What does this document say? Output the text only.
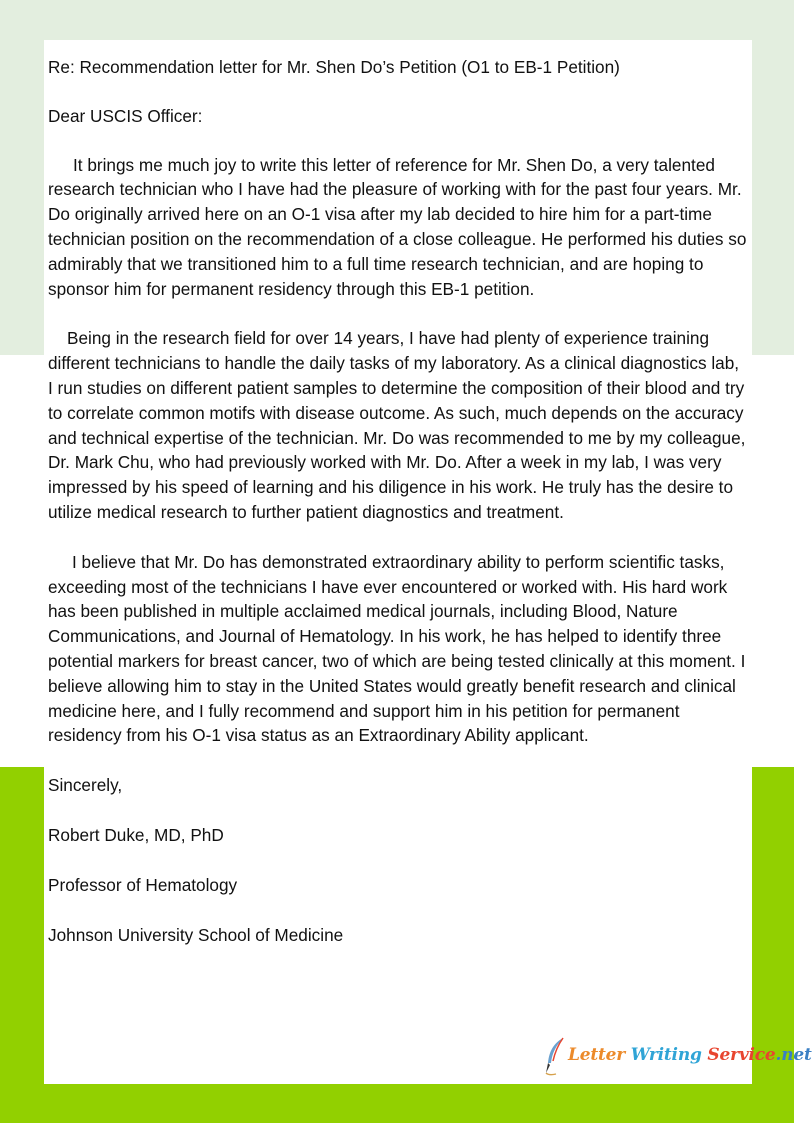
Re: Recommendation letter for Mr. Shen Do’s Petition (O1 to EB-1 Petition)

Dear USCIS Officer:

It brings me much joy to write this letter of reference for Mr. Shen Do, a very talented research technician who I have had the pleasure of working with for the past four years. Mr. Do originally arrived here on an O-1 visa after my lab decided to hire him for a part-time technician position on the recommendation of a close colleague. He performed his duties so admirably that we transitioned him to a full time research technician, and are hoping to sponsor him for permanent residency through this EB-1 petition.

Being in the research field for over 14 years, I have had plenty of experience training different technicians to handle the daily tasks of my laboratory. As a clinical diagnostics lab, I run studies on different patient samples to determine the composition of their blood and try to correlate common motifs with disease outcome. As such, much depends on the accuracy and technical expertise of the technician. Mr. Do was recommended to me by my colleague, Dr. Mark Chu, who had previously worked with Mr. Do. After a week in my lab, I was very impressed by his speed of learning and his diligence in his work. He truly has the desire to utilize medical research to further patient diagnostics and treatment.

I believe that Mr. Do has demonstrated extraordinary ability to perform scientific tasks, exceeding most of the technicians I have ever encountered or worked with. His hard work has been published in multiple acclaimed medical journals, including Blood, Nature Communications, and Journal of Hematology. In his work, he has helped to identify three potential markers for breast cancer, two of which are being tested clinically at this moment. I believe allowing him to stay in the United States would greatly benefit research and clinical medicine here, and I fully recommend and support him in his petition for permanent residency from his O-1 visa status as an Extraordinary Ability applicant.

Sincerely,

Robert Duke, MD, PhD

Professor of Hematology

Johnson University School of Medicine

Letter Writing Service.net
